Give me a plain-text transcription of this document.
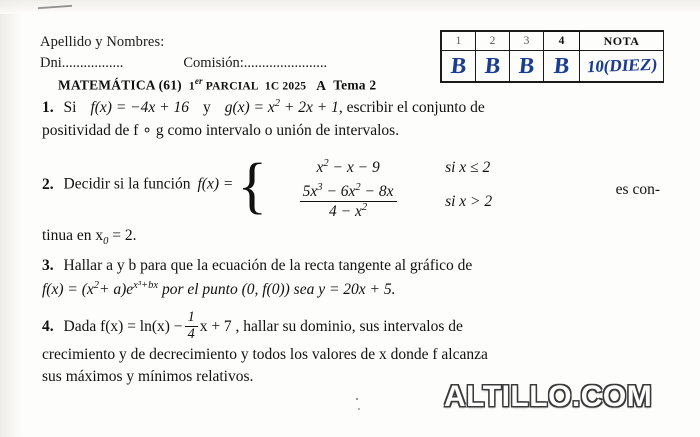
Apellido y Nombres:
Dni.................	Comisión:.......................
MATEMÁTICA (61) 1er PARCIAL  1C 2025 A Tema 2
1	2	3	4	NOTA
B	B	B	B	10(DIEZ)
1. Si f(x) = −4x + 16 y $g(x) = x^2 + 2x + 1$, escribir el conjunto de
positividad de f ∘ g como intervalo o unión de intervalos.
2. Decidir si la función f(x) = {	$x^2 - x - 9$	si x ≤ 2
$\frac{5x^3 - 6x^2 - 8x}{4 - x^2}$	si x > 2
es con-
tinua en $x_0 = 2$.
3. Hallar a y b para que la ecuación de la recta tangente al gráfico de
$f(x) = (x^2+ a)e^{x^3+bx}$ por el punto (0, f(0)) sea y = 20x + 5.
4. Dada $f(x) = \ln(x) - \frac{1}{4}$ x + 7 , hallar su dominio, sus intervalos de
crecimiento y de decrecimiento y todos los valores de x donde f alcanza
sus máximos y mínimos relativos.
ALTILLO.COM
